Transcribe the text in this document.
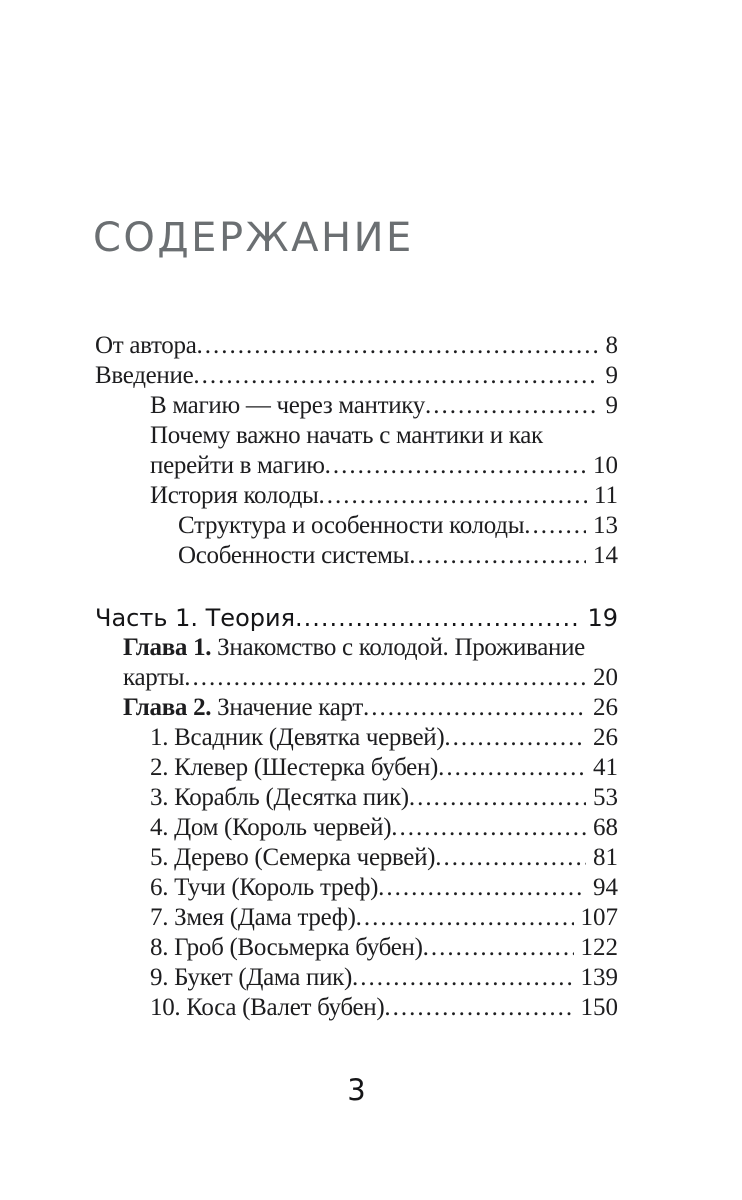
СОДЕРЖАНИЕ
От автора .....	8
Введение .....	9
В магию — через мантику .....	9
Почему важно начать с мантики и как
перейти в магию .....	10
История колоды .....	11
Структура и особенности колоды .....	13
Особенности системы .....	14
Часть 1. Теория .....	19
Глава 1. Знакомство с колодой. Проживание
карты .....	20
Глава 2. Значение карт .....	26
1. Всадник (Девятка червей) .....	26
2. Клевер (Шестерка бубен) .....	41
3. Корабль (Десятка пик) .....	53
4. Дом (Король червей) .....	68
5. Дерево (Семерка червей) .....	81
6. Тучи (Король треф) .....	94
7. Змея (Дама треф) .....	107
8. Гроб (Восьмерка бубен) .....	122
9. Букет (Дама пик) .....	139
10. Коса (Валет бубен) .....	150
3
